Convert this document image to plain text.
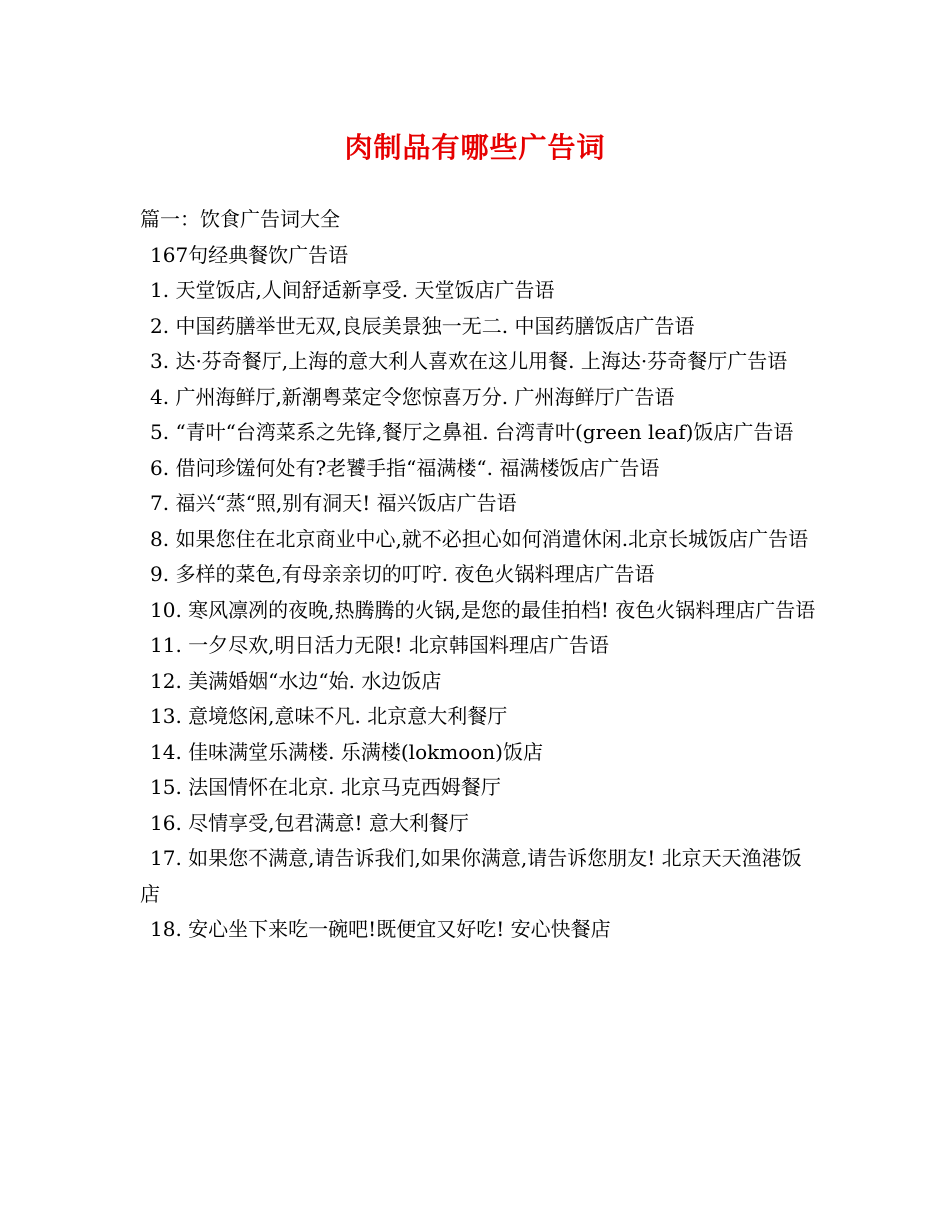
肉制品有哪些广告词

篇一：饮食广告词大全

167句经典餐饮广告语

1. 天堂饭店,人间舒适新享受. 天堂饭店广告语

2. 中国药膳举世无双,良辰美景独一无二. 中国药膳饭店广告语

3. 达·芬奇餐厅,上海的意大利人喜欢在这儿用餐. 上海达·芬奇餐厅广告语

4. 广州海鲜厅,新潮粤菜定令您惊喜万分. 广州海鲜厅广告语

5. “青叶“台湾菜系之先锋,餐厅之鼻祖. 台湾青叶(green leaf)饭店广告语

6. 借问珍馐何处有?老饕手指“福满楼“. 福满楼饭店广告语

7. 福兴“蒸“照,别有洞天! 福兴饭店广告语

8. 如果您住在北京商业中心,就不必担心如何消遣休闲.北京长城饭店广告语

9. 多样的菜色,有母亲亲切的叮咛. 夜色火锅料理店广告语

10. 寒风凛冽的夜晚,热腾腾的火锅,是您的最佳拍档! 夜色火锅料理店广告语

11. 一夕尽欢,明日活力无限! 北京韩国料理店广告语

12. 美满婚姻“水边“始. 水边饭店

13. 意境悠闲,意味不凡. 北京意大利餐厅

14. 佳味满堂乐满楼. 乐满楼(lokmoon)饭店

15. 法国情怀在北京. 北京马克西姆餐厅

16. 尽情享受,包君满意! 意大利餐厅

17. 如果您不满意,请告诉我们,如果你满意,请告诉您朋友! 北京天天渔港饭店

18. 安心坐下来吃一碗吧!既便宜又好吃! 安心快餐店
